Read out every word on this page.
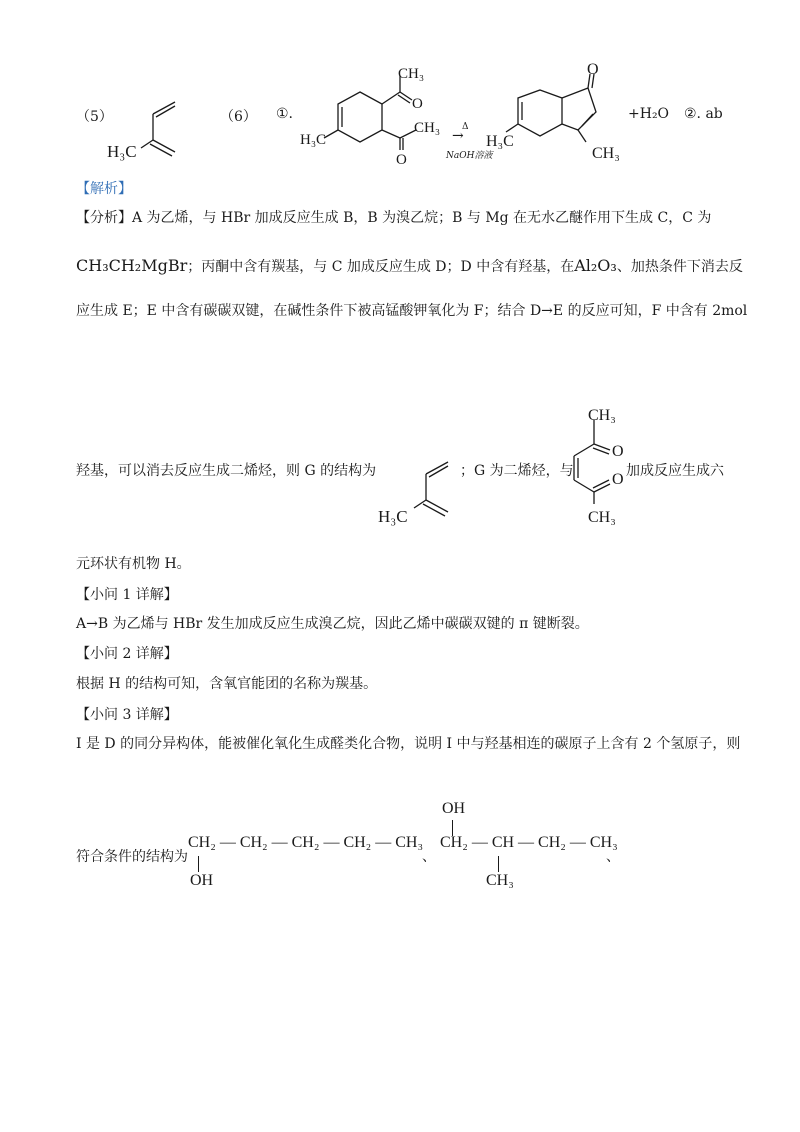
（5）
H₃C
（6） ①.
H₃C
CH₃
O
O
CH₃ Δ
→
NaOH溶液
O
H₃C
CH₃
+H₂O ②. ab
【解析】
【分析】A 为乙烯，与 HBr 加成反应生成 B，B 为溴乙烷；B 与 Mg 在无水乙醚作用下生成 C，C 为
CH₃CH₂MgBr；丙酮中含有羰基，与 C 加成反应生成 D；D 中含有羟基，在Al₂O₃、加热条件下消去反
应生成 E；E 中含有碳碳双键，在碱性条件下被高锰酸钾氧化为 F；结合 D→E 的反应可知，F 中含有 2mol
羟基，可以消去反应生成二烯烃，则 G 的结构为
H₃C
；G 为二烯烃，与
CH₃
O
O
CH₃
加成反应生成六
元环状有机物 H。
【小问 1 详解】
A→B 为乙烯与 HBr 发生加成反应生成溴乙烷，因此乙烯中碳碳双键的 π 键断裂。
【小问 2 详解】
根据 H 的结构可知，含氧官能团的名称为羰基。
【小问 3 详解】
I 是 D 的同分异构体，能被催化氧化生成醛类化合物，说明 I 中与羟基相连的碳原子上含有 2 个氢原子，则
符合条件的结构为
CH₂ — CH₂ — CH₂ — CH₂ — CH₃
OH
、
OH
CH₂ — CH — CH₂ — CH₃
CH₃
、
